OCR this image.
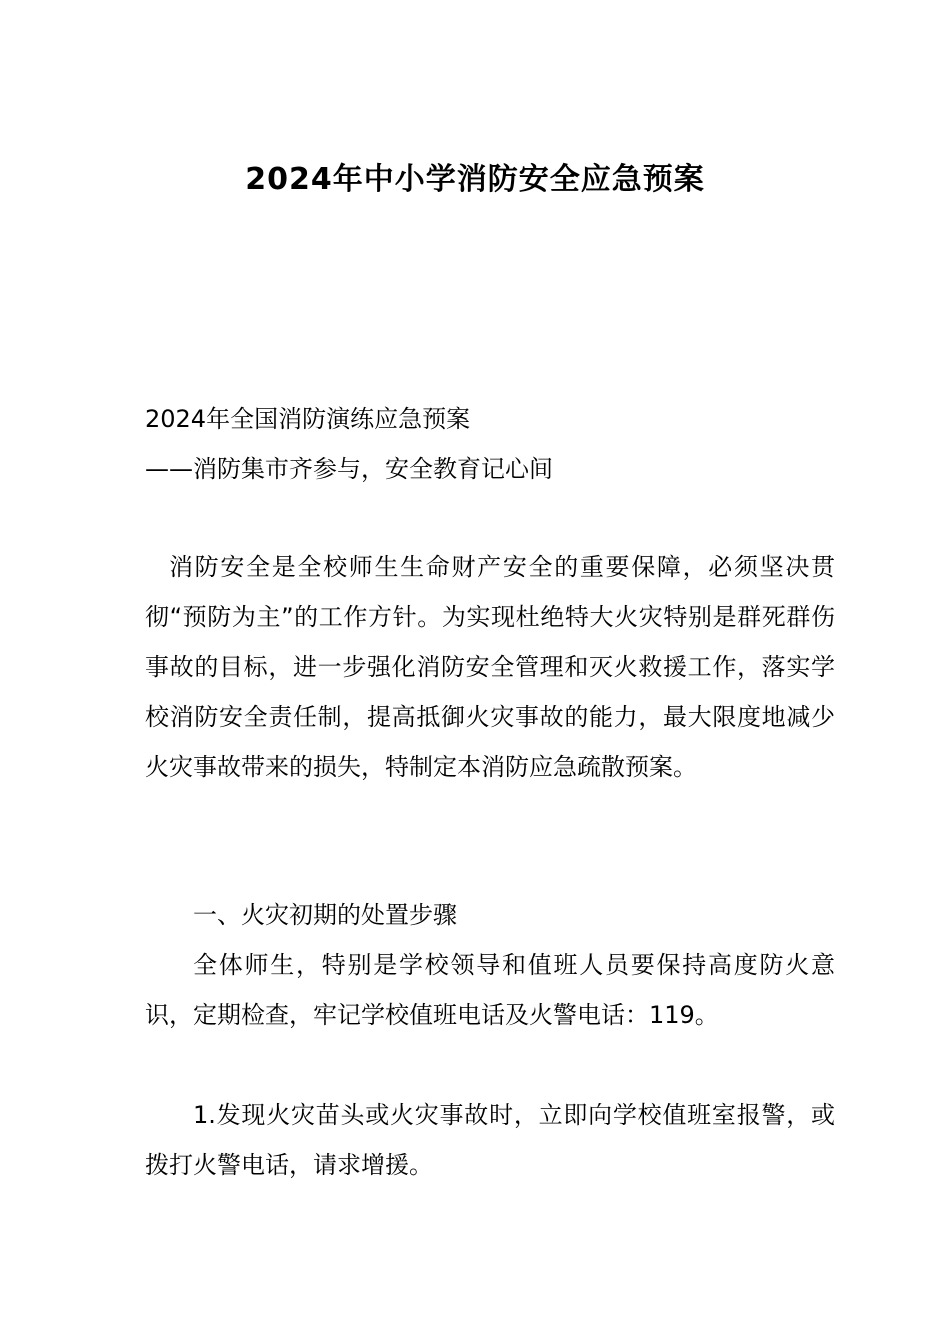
2024年中小学消防安全应急预案

2024年全国消防演练应急预案

——消防集市齐参与，安全教育记心间

消防安全是全校师生生命财产安全的重要保障，必须坚决贯彻“预防为主”的工作方针。为实现杜绝特大火灾特别是群死群伤事故的目标，进一步强化消防安全管理和灭火救援工作，落实学校消防安全责任制，提高抵御火灾事故的能力，最大限度地减少火灾事故带来的损失，特制定本消防应急疏散预案。

一、火灾初期的处置步骤

全体师生，特别是学校领导和值班人员要保持高度防火意识，定期检查，牢记学校值班电话及火警电话：119。

1.发现火灾苗头或火灾事故时，立即向学校值班室报警，或拨打火警电话，请求增援。
